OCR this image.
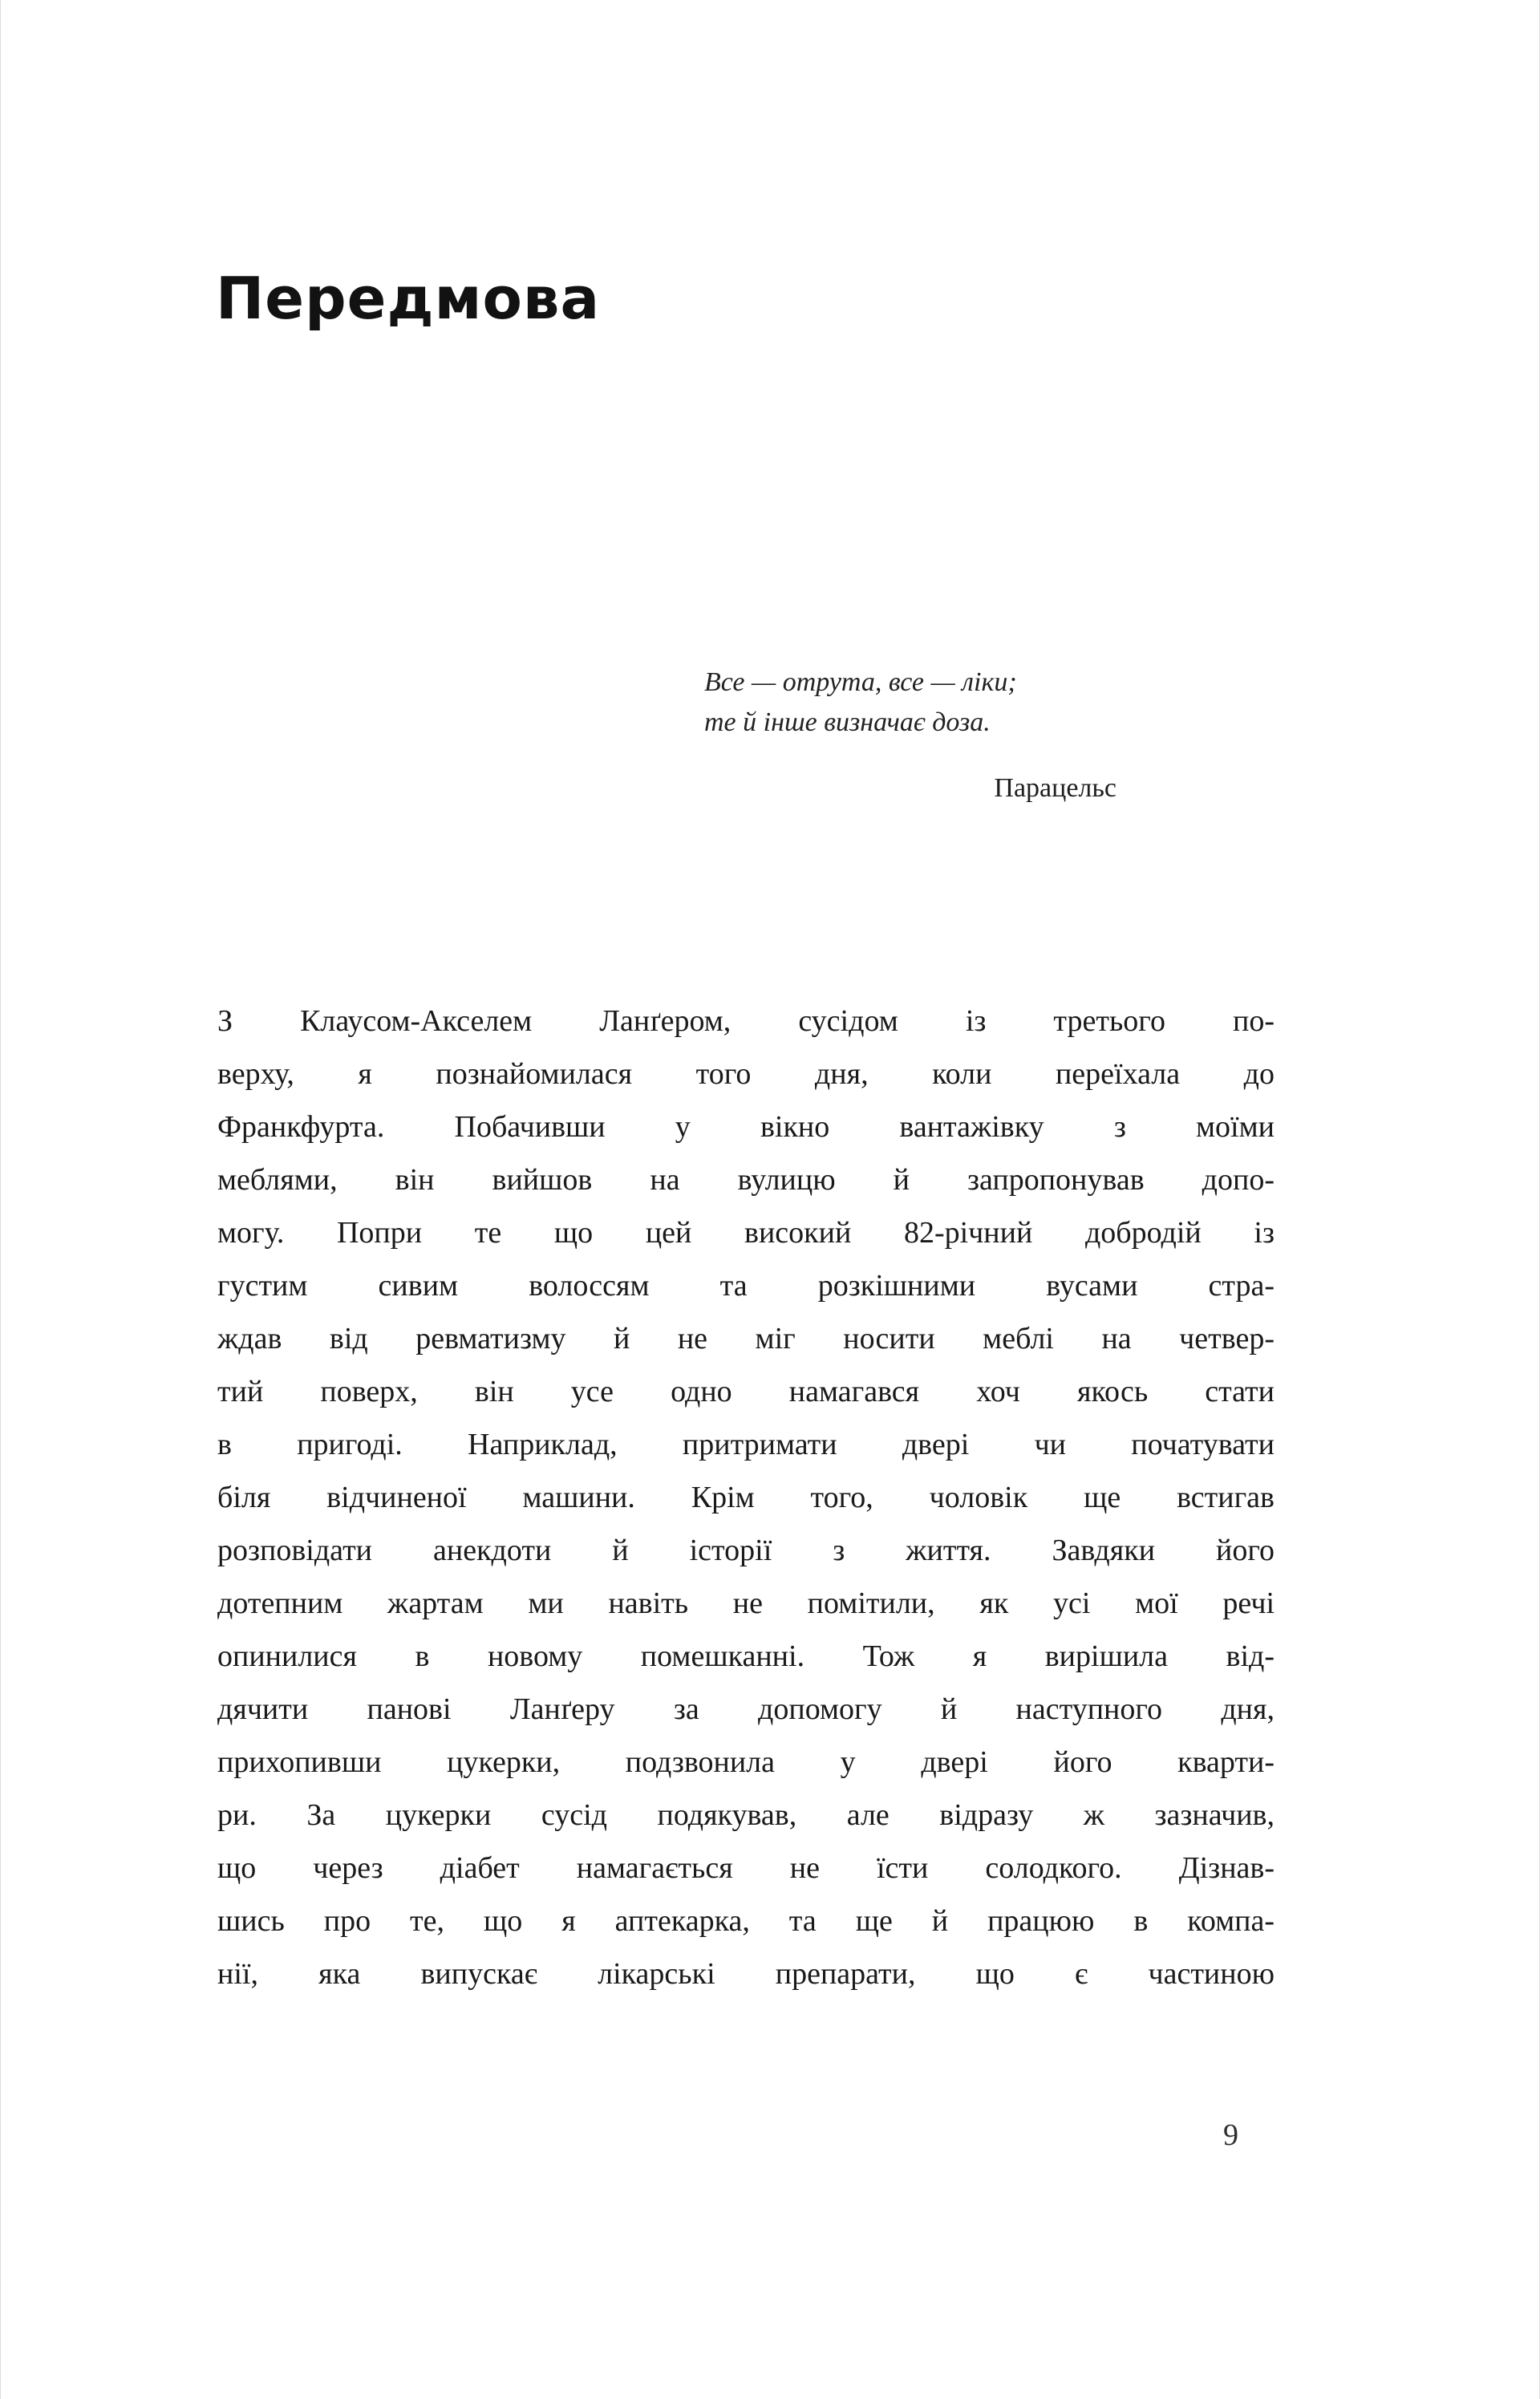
Передмова
Все — отрута, все — ліки;
те й інше визначає доза.
Парацельс
З Клаусом-Акселем Ланґером, сусідом із третього по-
верху, я познайомилася того дня, коли переїхала до
Франкфурта. Побачивши у вікно вантажівку з моїми
меблями, він вийшов на вулицю й запропонував допо-
могу. Попри те що цей високий 82-річний добродій із
густим сивим волоссям та розкішними вусами стра-
ждав від ревматизму й не міг носити меблі на четвер-
тий поверх, він усе одно намагався хоч якось стати
в пригоді. Наприклад, притримати двері чи початувати
біля відчиненої машини. Крім того, чоловік ще встигав
розповідати анекдоти й історії з життя. Завдяки його
дотепним жартам ми навіть не помітили, як усі мої речі
опинилися в новому помешканні. Тож я вирішила від-
дячити панові Ланґеру за допомогу й наступного дня,
прихопивши цукерки, подзвонила у двері його кварти-
ри. За цукерки сусід подякував, але відразу ж зазначив,
що через діабет намагається не їсти солодкого. Дізнав-
шись про те, що я аптекарка, та ще й працюю в компа-
нії, яка випускає лікарські препарати, що є частиною
9
